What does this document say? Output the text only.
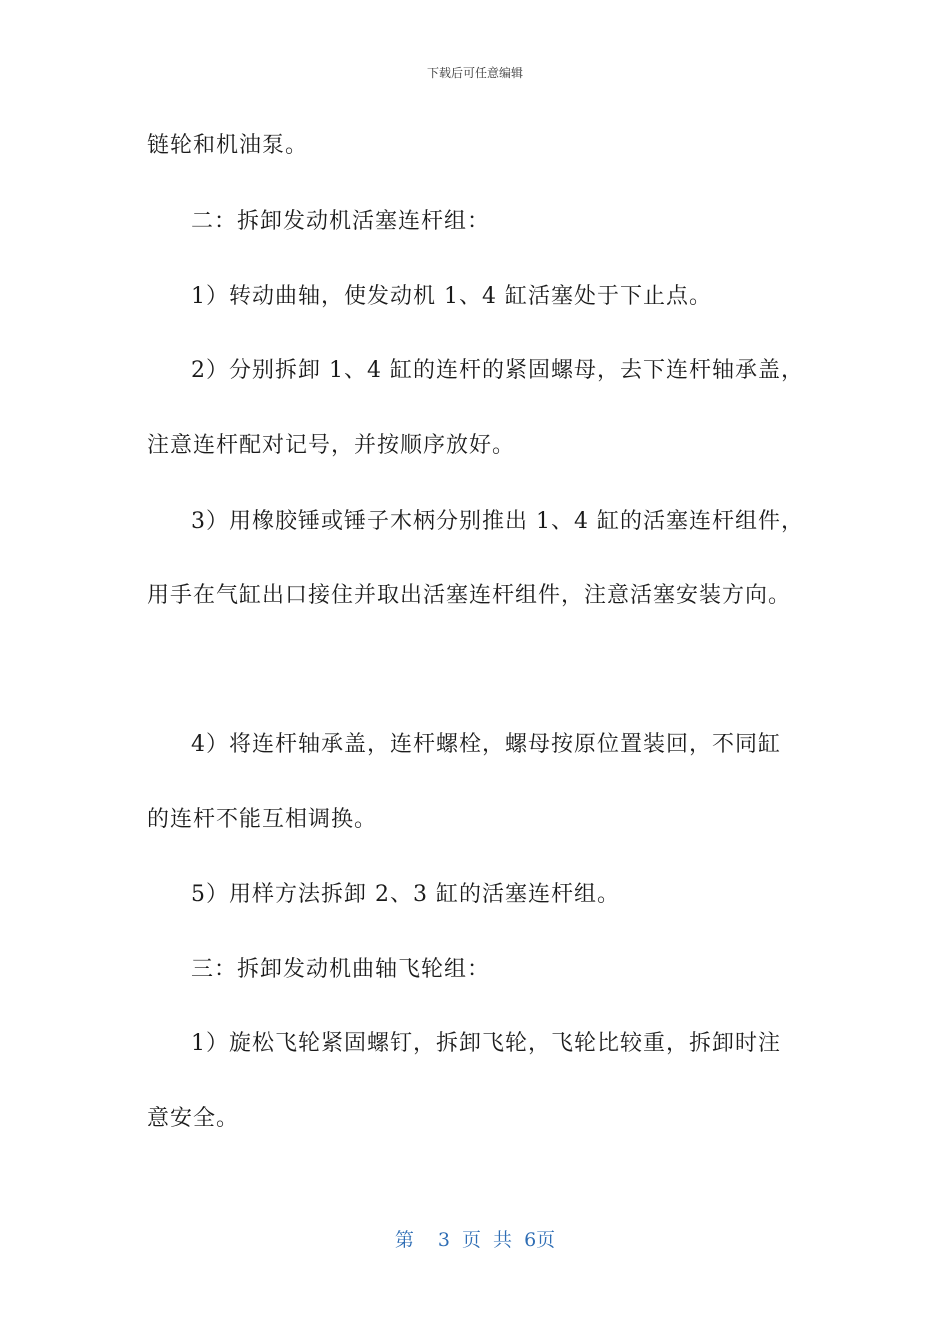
下载后可任意编辑
链轮和机油泵。
二：拆卸发动机活塞连杆组：
1）转动曲轴，使发动机 1、4 缸活塞处于下止点。
2）分别拆卸 1、4 缸的连杆的紧固螺母，去下连杆轴承盖，
注意连杆配对记号，并按顺序放好。
3）用橡胶锤或锤子木柄分别推出 1、4 缸的活塞连杆组件，
用手在气缸出口接住并取出活塞连杆组件，注意活塞安装方向。
4）将连杆轴承盖，连杆螺栓，螺母按原位置装回，不同缸
的连杆不能互相调换。
5）用样方法拆卸 2、3 缸的活塞连杆组。
三：拆卸发动机曲轴飞轮组：
1）旋松飞轮紧固螺钉，拆卸飞轮，飞轮比较重，拆卸时注
意安全。
第  3 页 共 6页
